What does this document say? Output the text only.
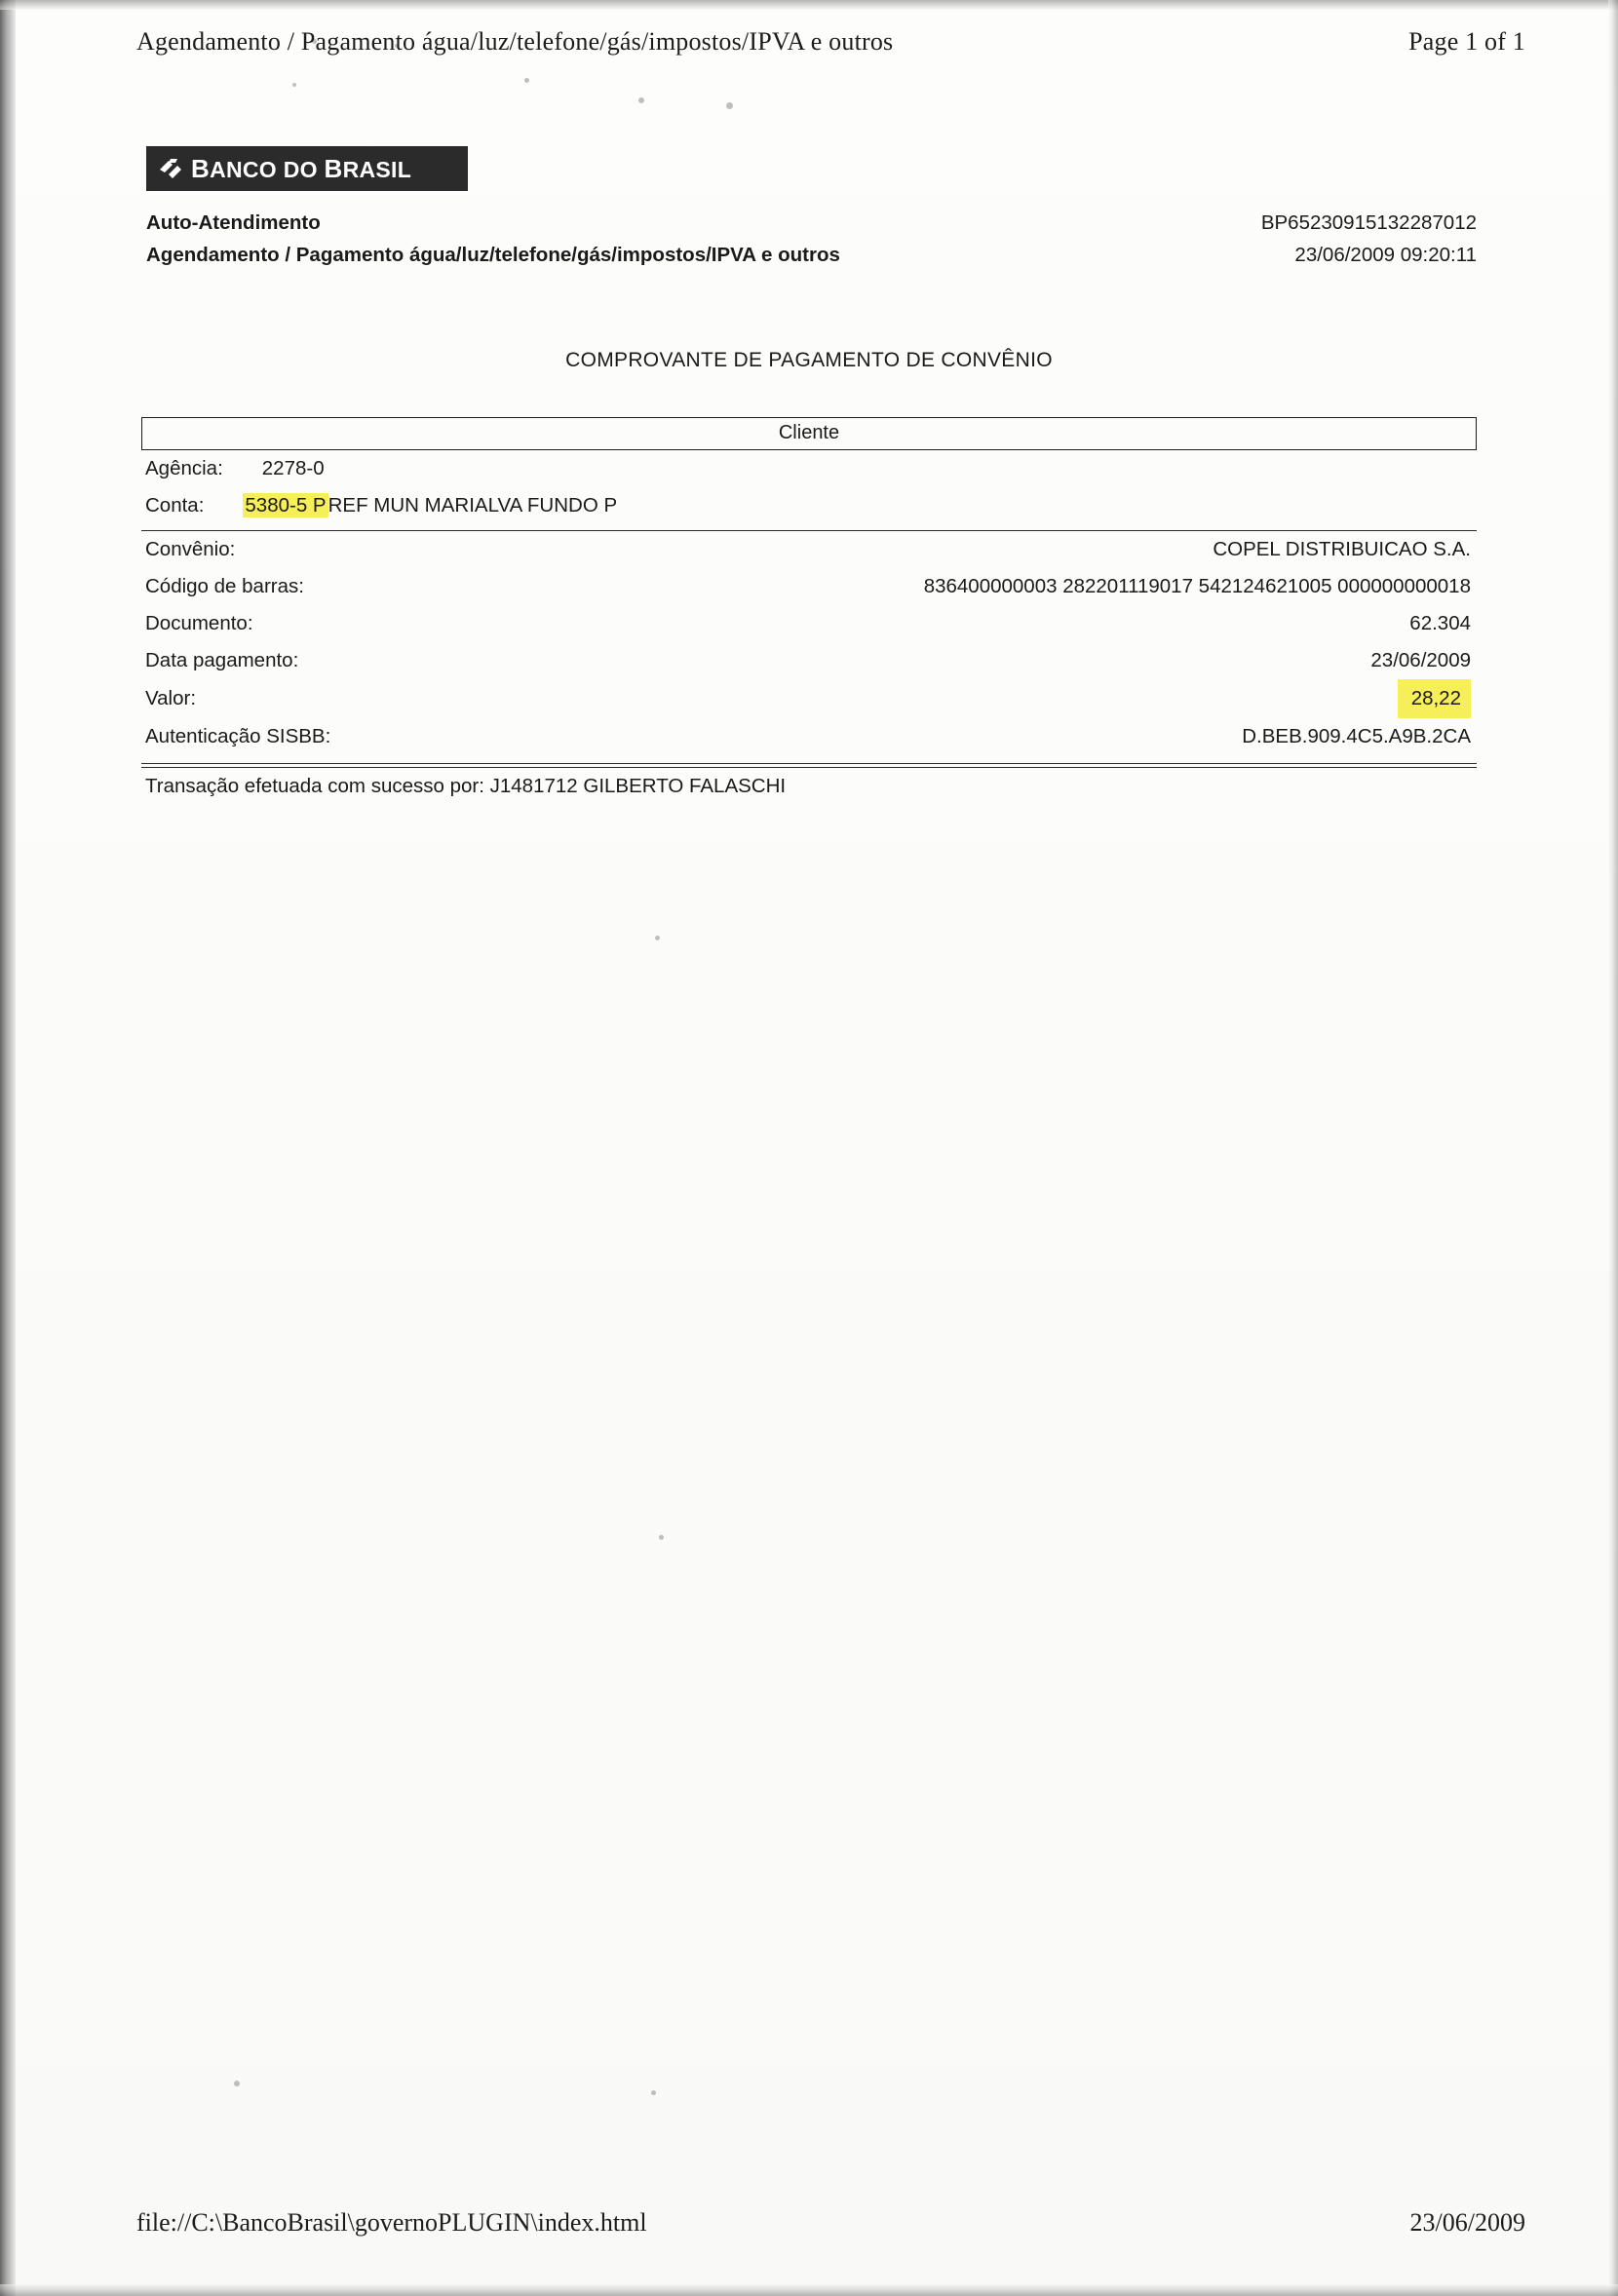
Agendamento / Pagamento água/luz/telefone/gás/impostos/IPVA e outros	Page 1 of 1
BANCO DO BRASIL
Auto-Atendimento	BP65230915132287012
Agendamento / Pagamento água/luz/telefone/gás/impostos/IPVA e outros	23/06/2009 09:20:11
COMPROVANTE DE PAGAMENTO DE CONVÊNIO
Cliente
Agência: 2278-0
Conta: 5380-5 PREF MUN MARIALVA FUNDO P
Convênio:	COPEL DISTRIBUICAO S.A.
Código de barras:	836400000003 282201119017 542124621005 000000000018
Documento:	62.304
Data pagamento:	23/06/2009
Valor:	28,22
Autenticação SISBB:	D.BEB.909.4C5.A9B.2CA
Transação efetuada com sucesso por: J1481712 GILBERTO FALASCHI
file://C:\BancoBrasil\governoPLUGIN\index.html	23/06/2009
